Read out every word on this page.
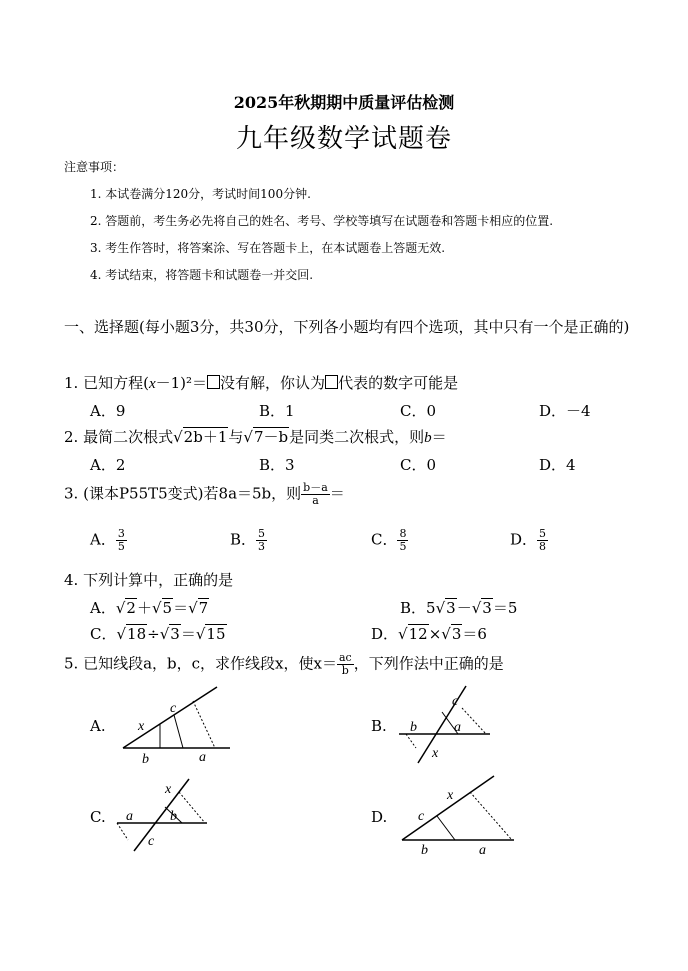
2025年秋期期中质量评估检测
九年级数学试题卷
注意事项：
1. 本试卷满分120分，考试时间100分钟.
2. 答题前，考生务必先将自己的姓名、考号、学校等填写在试题卷和答题卡相应的位置.
3. 考生作答时，将答案涂、写在答题卡上，在本试题卷上答题无效.
4. 考试结束，将答题卡和试题卷一并交回.
一、选择题(每小题3分，共30分，下列各小题均有四个选项，其中只有一个是正确的)
1. 已知方程(x－1)²＝ 没有解，你认为 代表的数字可能是
A．9	B．1	C．0	D．－4
2. 最简二次根式√2b＋1与√7－b是同类二次根式，则b＝
A．2	B．3	C．0	D．4
3. (课本P55T5变式)若8a＝5b，则 $\frac{b-a}{a}$ ＝
A． $\frac{3}{5}$	B． $\frac{5}{3}$	C． $\frac{8}{5}$	D． $\frac{5}{8}$
4. 下列计算中，正确的是
A．√2＋√5＝√7	B．5√3－√3＝5
C．√18÷√3＝√15	D．√12×√3＝6
5. 已知线段a，b，c，求作线段x，使$x= \frac{ac}{b}$ ，下列作法中正确的是
A.	B.
C.	D.
c
x
b	a
c
b	a
x
x
a	b
c
x
c
b	a
